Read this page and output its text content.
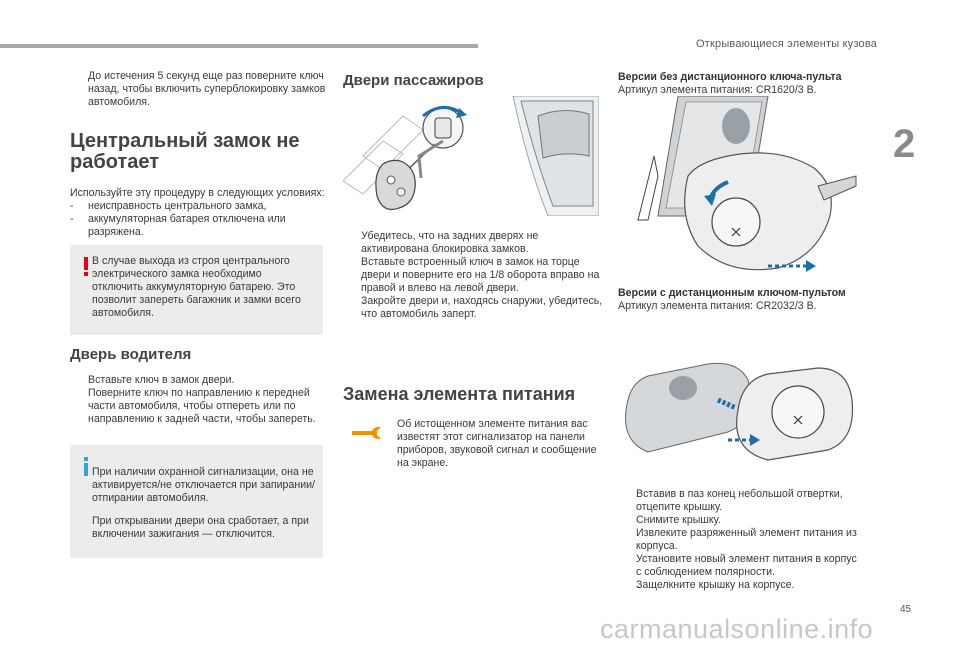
Открывающиеся элементы кузова
2
До истечения 5 секунд еще раз поверните ключ назад, чтобы включить суперблокировку замков автомобиля.
Центральный замок не работает

Используйте эту процедуру в следующих условиях:

-	неисправность центрального замка,
-	аккумуляторная батарея отключена или разряжена.
В случае выхода из строя центрального электрического замка необходимо отключить аккумуляторную батарею. Это позволит запереть багажник и замки всего автомобиля.
Дверь водителя
Вставьте ключ в замок двери.
Поверните ключ по направлению к передней части автомобиля, чтобы отпереть или по направлению к задней части, чтобы запереть.

При наличии охранной сигнализации, она не активируется/не отключается при запирании/отпирании автомобиля.

При открывании двери она сработает, а при включении зажигания — отключится.

Двери пассажиров
Убедитесь, что на задних дверях не активирована блокировка замков.
Вставьте встроенный ключ в замок на торце двери и поверните его на 1/8 оборота вправо на правой и влево на левой двери.
Закройте двери и, находясь снаружи, убедитесь, что автомобиль заперт.
Замена элемента питания
Об истощенном элементе питания вас известят этот сигнализатор на панели приборов, звуковой сигнал и сообщение на экране.
Версии без дистанционного ключа-пульта

Артикул элемента питания: CR1620/3 В.

Версии с дистанционным ключом-пультом

Артикул элемента питания: CR2032/3 В.

Вставив в паз конец небольшой отвертки, отцепите крышку.
Снимите крышку.
Извлеките разряженный элемент питания из корпуса.
Установите новый элемент питания в корпус с соблюдением полярности.
Защелкните крышку на корпусе.
45
carmanualsonline.info
